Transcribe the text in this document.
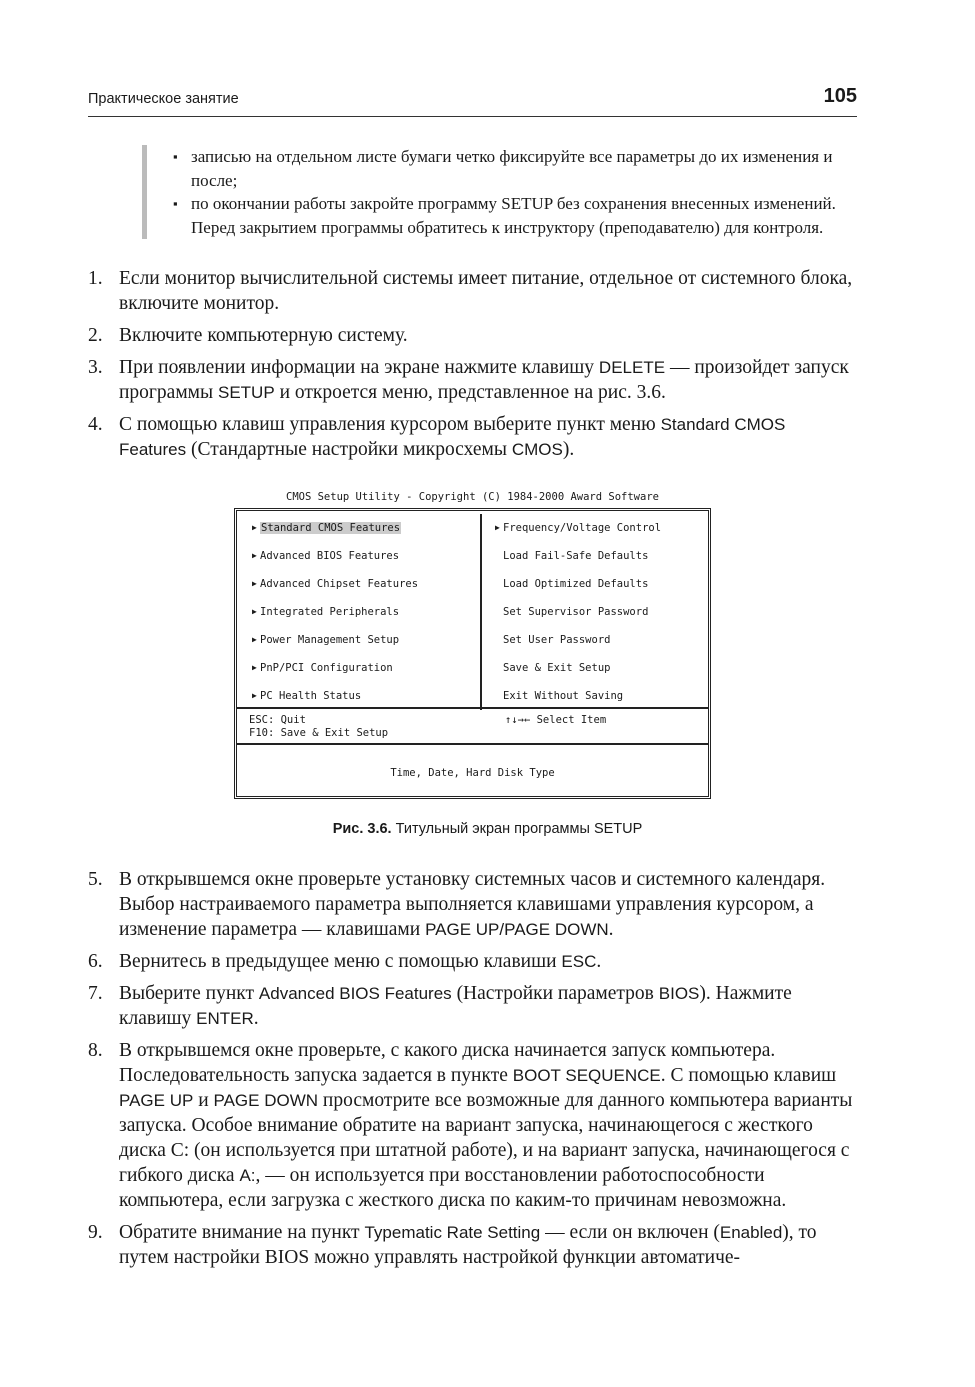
Практическое занятие	105
▪ записью на отдельном листе бумаги четко фиксируйте все параметры до их изменения и после;
▪ по окончании работы закройте программу SETUP без сохранения внесенных изменений. Перед закрытием программы обратитесь к инструктору (преподавателю) для контроля.
1. Если монитор вычислительной системы имеет питание, отдельное от системного блока, включите монитор.
2. Включите компьютерную систему.
3. При появлении информации на экране нажмите клавишу DELETE — произойдет запуск программы SETUP и откроется меню, представленное на рис. 3.6.
4. С помощью клавиш управления курсором выберите пункт меню Standard CMOS Features (Стандартные настройки микросхемы CMOS).
CMOS Setup Utility - Copyright (C) 1984-2000 Award Software
▶ Standard CMOS Features
▶ Advanced BIOS Features
▶ Advanced Chipset Features
▶ Integrated Peripherals
▶ Power Management Setup
▶ PnP/PCI Configuration
▶ PC Health Status
▶ Frequency/Voltage Control
Load Fail-Safe Defaults
Load Optimized Defaults
Set Supervisor Password
Set User Password
Save & Exit Setup
Exit Without Saving
ESC: Quit
F10: Save & Exit Setup
↑↓→← Select Item
Time, Date, Hard Disk Type
Рис. 3.6. Титульный экран программы SETUP
5. В открывшемся окне проверьте установку системных часов и системного календаря. Выбор настраиваемого параметра выполняется клавишами управления курсором, а изменение параметра — клавишами PAGE UP/PAGE DOWN.
6. Вернитесь в предыдущее меню с помощью клавиши ESC.
7. Выберите пункт Advanced BIOS Features (Настройки параметров BIOS). Нажмите клавишу ENTER.
8. В открывшемся окне проверьте, с какого диска начинается запуск компьютера. Последовательность запуска задается в пункте BOOT SEQUENCE. С помощью клавиш PAGE UP и PAGE DOWN просмотрите все возможные для данного компьютера варианты запуска. Особое внимание обратите на вариант запуска, начинающегося с жесткого диска C: (он используется при штатной работе), и на вариант запуска, начинающегося с гибкого диска A:, — он используется при восстановлении работоспособности компьютера, если загрузка с жесткого диска по каким-то причинам невозможна.
9. Обратите внимание на пункт Typematic Rate Setting — если он включен (Enabled), то путем настройки BIOS можно управлять настройкой функции автоматиче-
